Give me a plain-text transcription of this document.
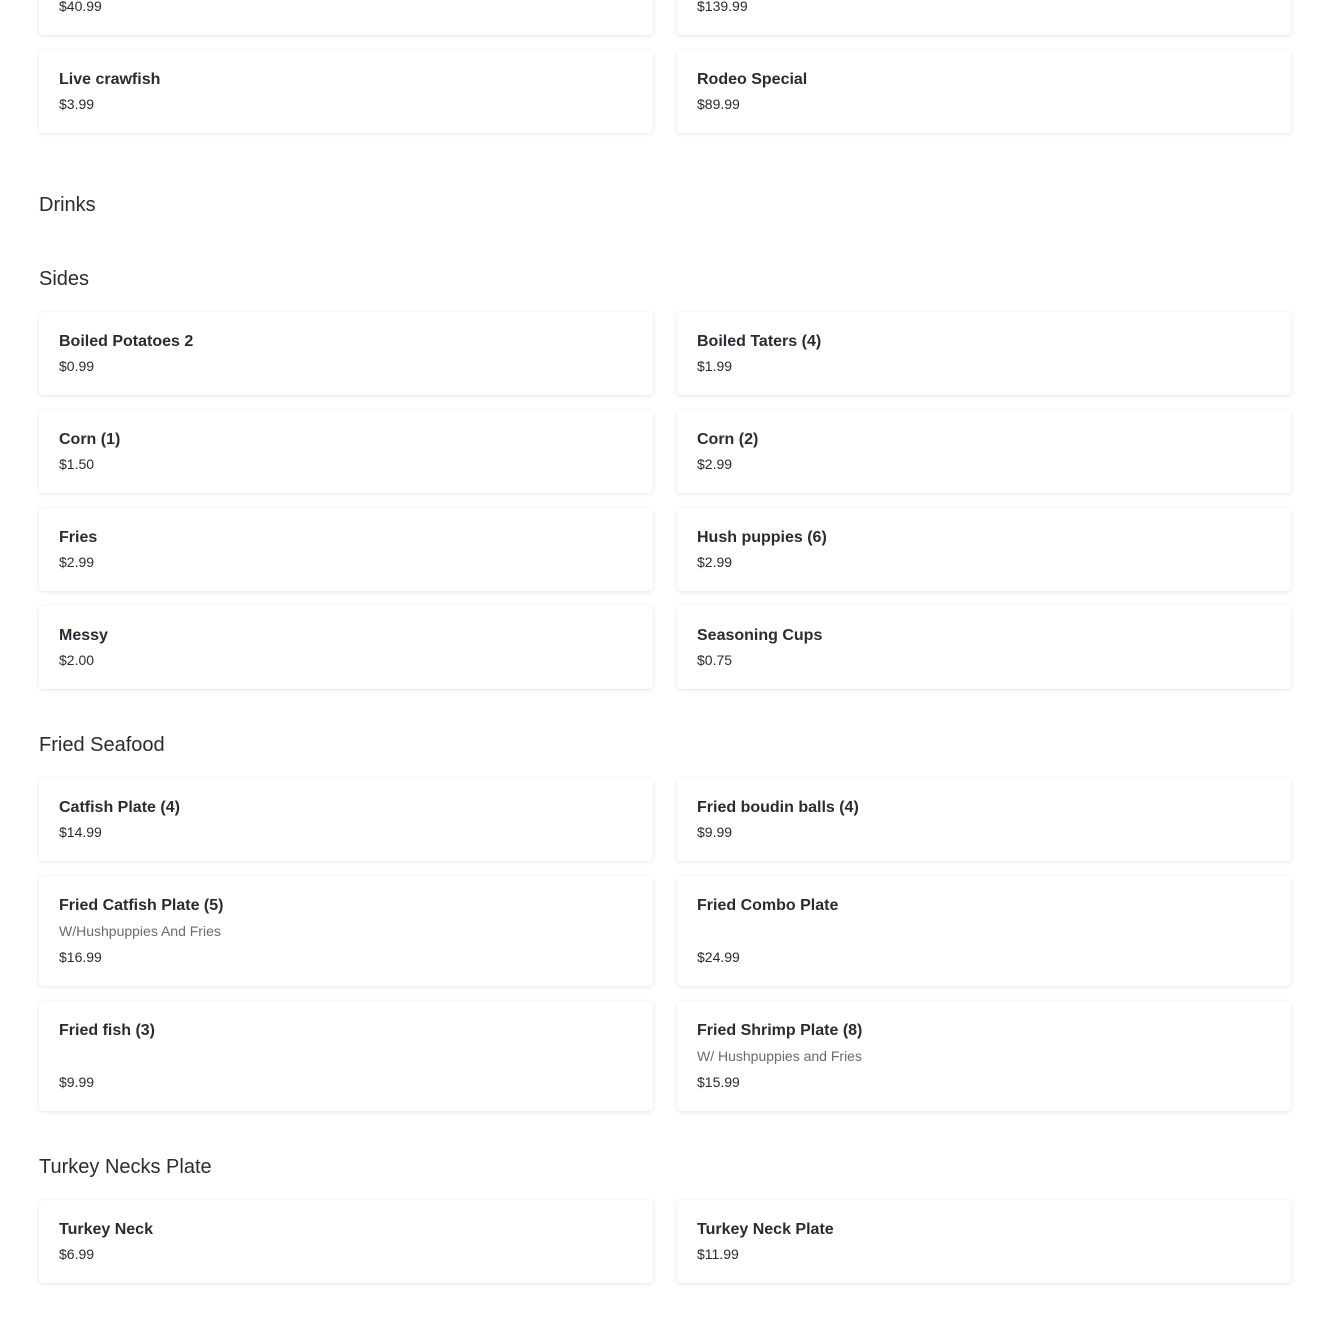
$40.99	$139.99
Live crawfish
$3.99
Rodeo Special
$89.99
Drinks
Sides
Boiled Potatoes 2
$0.99
Boiled Taters (4)
$1.99
Corn (1)
$1.50
Corn (2)
$2.99
Fries
$2.99
Hush puppies (6)
$2.99
Messy
$2.00
Seasoning Cups
$0.75
Fried Seafood
Catfish Plate (4)
$14.99
Fried boudin balls (4)
$9.99
Fried Catfish Plate (5)
W/Hushpuppies And Fries
$16.99
Fried Combo Plate
$24.99
Fried fish (3)
$9.99
Fried Shrimp Plate (8)
W/ Hushpuppies and Fries
$15.99
Turkey Necks Plate
Turkey Neck
$6.99
Turkey Neck Plate
$11.99
